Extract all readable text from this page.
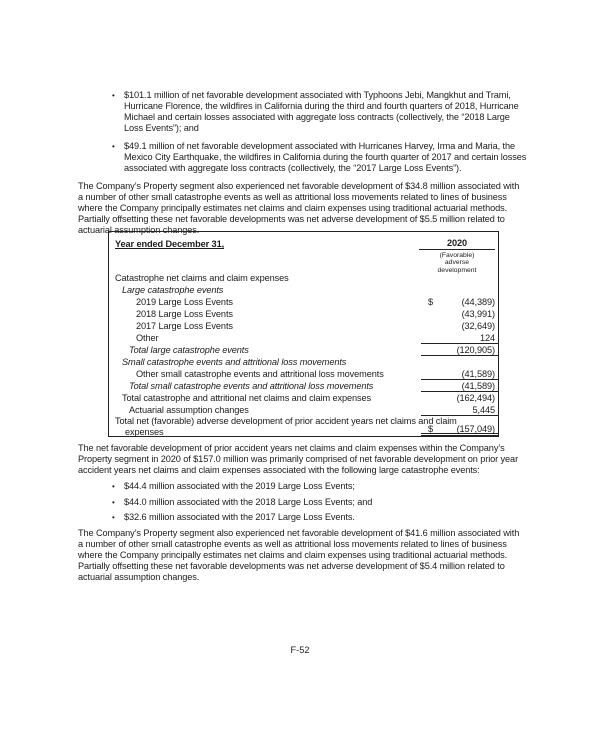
•	$101.1 million of net favorable development associated with Typhoons Jebi, Mangkhut and Trami, Hurricane Florence, the wildfires in California during the third and fourth quarters of 2018, Hurricane Michael and certain losses associated with aggregate loss contracts (collectively, the “2018 Large Loss Events”); and
•	$49.1 million of net favorable development associated with Hurricanes Harvey, Irma and Maria, the Mexico City Earthquake, the wildfires in California during the fourth quarter of 2017 and certain losses associated with aggregate loss contracts (collectively, the “2017 Large Loss Events”).

The Company’s Property segment also experienced net favorable development of $34.8 million associated with a number of other small catastrophe events as well as attritional loss movements related to lines of business where the Company principally estimates net claims and claim expenses using traditional actuarial methods. Partially offsetting these net favorable developments was net adverse development of $5.5 million related to actuarial assumption changes.

Year ended December 31,	2020
(Favorable) adverse development
Catastrophe net claims and claim expenses
Large catastrophe events
2019 Large Loss Events	$	(44,389)
2018 Large Loss Events	(43,991)
2017 Large Loss Events	(32,649)
Other	124
Total large catastrophe events	(120,905)
Small catastrophe events and attritional loss movements
Other small catastrophe events and attritional loss movements	(41,589)
Total small catastrophe events and attritional loss movements	(41,589)
Total catastrophe and attritional net claims and claim expenses	(162,494)
Actuarial assumption changes	5,445
Total net (favorable) adverse development of prior accident years net claims and claim expenses	$	(157,049)

The net favorable development of prior accident years net claims and claim expenses within the Company’s Property segment in 2020 of $157.0 million was primarily comprised of net favorable development on prior year accident years net claims and claim expenses associated with the following large catastrophe events:

•	$44.4 million associated with the 2019 Large Loss Events;
•	$44.0 million associated with the 2018 Large Loss Events; and
•	$32.6 million associated with the 2017 Large Loss Events.

The Company’s Property segment also experienced net favorable development of $41.6 million associated with a number of other small catastrophe events as well as attritional loss movements related to lines of business where the Company principally estimates net claims and claim expenses using traditional actuarial methods. Partially offsetting these net favorable developments was net adverse development of $5.4 million related to actuarial assumption changes.

F-52
